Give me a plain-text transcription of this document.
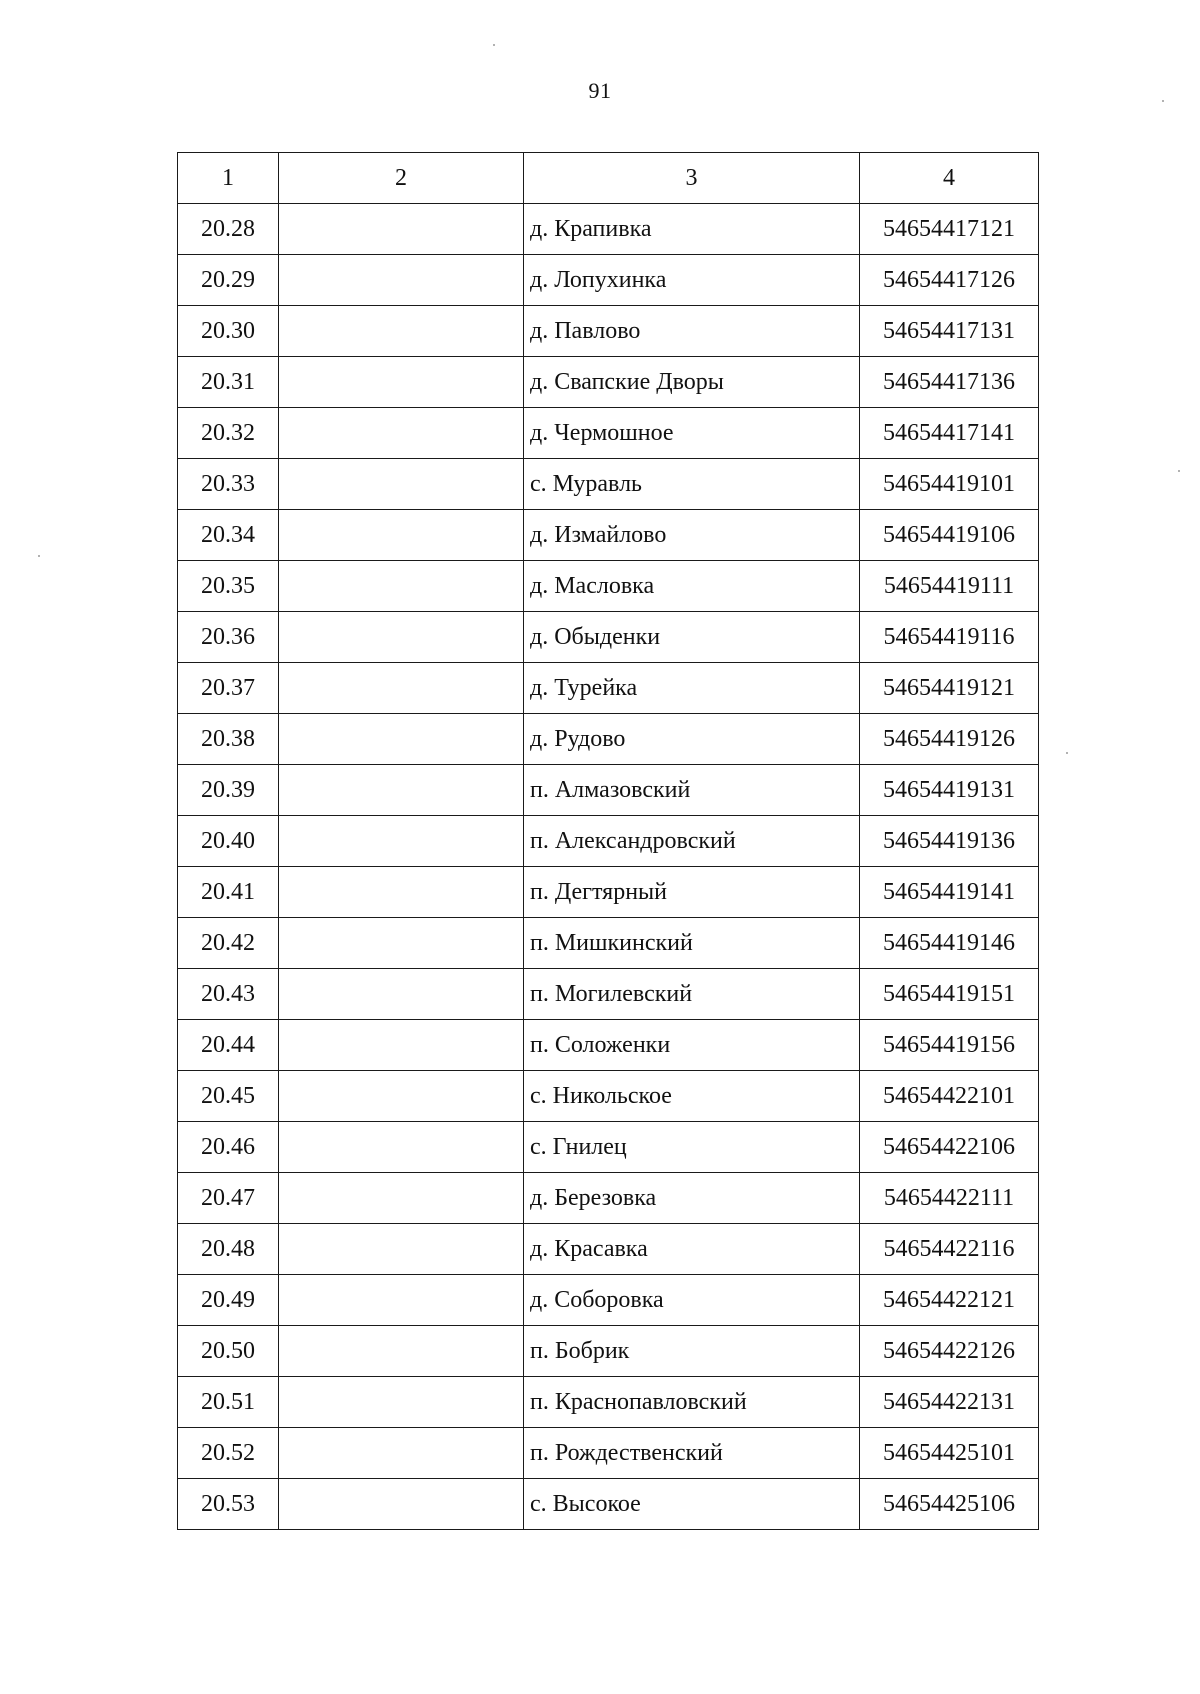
91
1	2	3	4
20.28		д. Крапивка	54654417121
20.29		д. Лопухинка	54654417126
20.30		д. Павлово	54654417131
20.31		д. Свапские Дворы	54654417136
20.32		д. Чермошное	54654417141
20.33		с. Муравль	54654419101
20.34		д. Измайлово	54654419106
20.35		д. Масловка	54654419111
20.36		д. Обыденки	54654419116
20.37		д. Турейка	54654419121
20.38		д. Рудово	54654419126
20.39		п. Алмазовский	54654419131
20.40		п. Александровский	54654419136
20.41		п. Дегтярный	54654419141
20.42		п. Мишкинский	54654419146
20.43		п. Могилевский	54654419151
20.44		п. Соложенки	54654419156
20.45		с. Никольское	54654422101
20.46		с. Гнилец	54654422106
20.47		д. Березовка	54654422111
20.48		д. Красавка	54654422116
20.49		д. Соборовка	54654422121
20.50		п. Бобрик	54654422126
20.51		п. Краснопавловский	54654422131
20.52		п. Рождественский	54654425101
20.53		с. Высокое	54654425106
